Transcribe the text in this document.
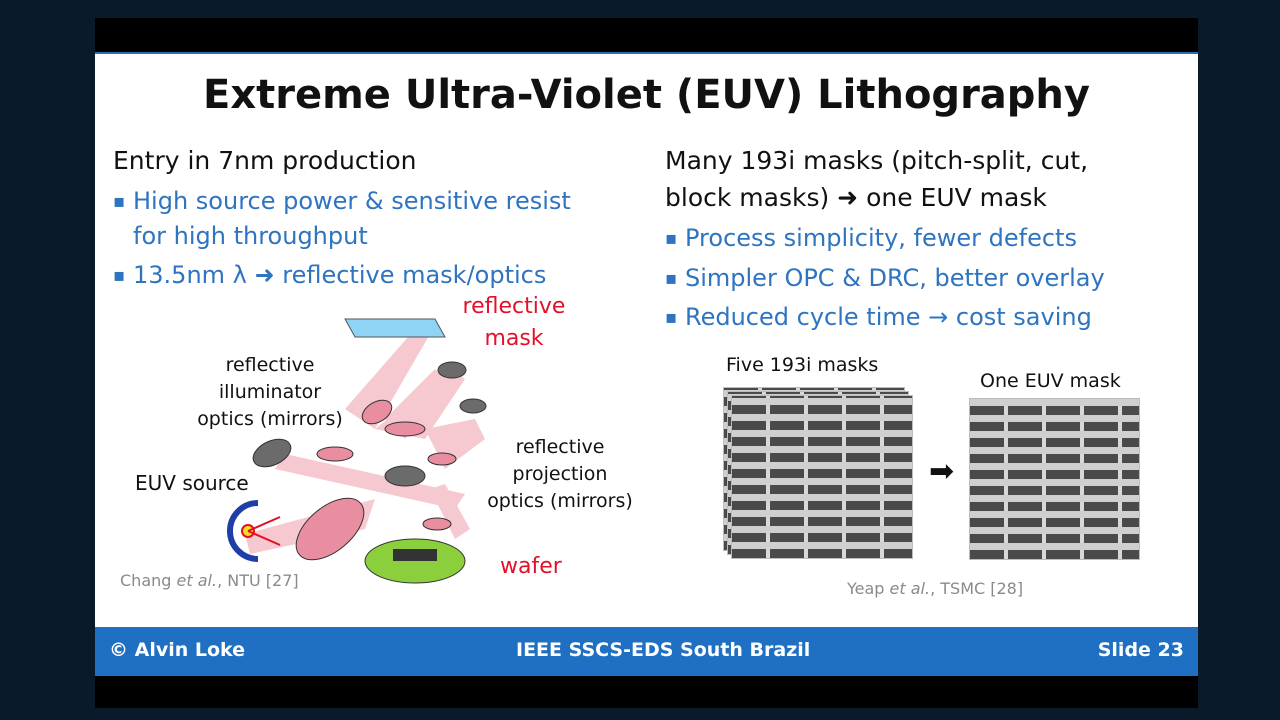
Extreme Ultra-Violet (EUV) Lithography
Entry in 7nm production
▪ High source power & sensitive resist
for high throughput
▪ 13.5nm λ ➜ reflective mask/optics
reflective
mask
reflective
illuminator
optics (mirrors)
reflective
projection
optics (mirrors)
EUV source
wafer
Chang et al., NTU [27]
Many 193i masks (pitch-split, cut,
block masks) ➜ one EUV mask
▪ Process simplicity, fewer defects
▪ Simpler OPC & DRC, better overlay
▪ Reduced cycle time → cost saving
Five 193i masks
One EUV mask
➡
Yeap et al., TSMC [28]
© Alvin Loke	IEEE SSCS-EDS South Brazil	Slide 23
